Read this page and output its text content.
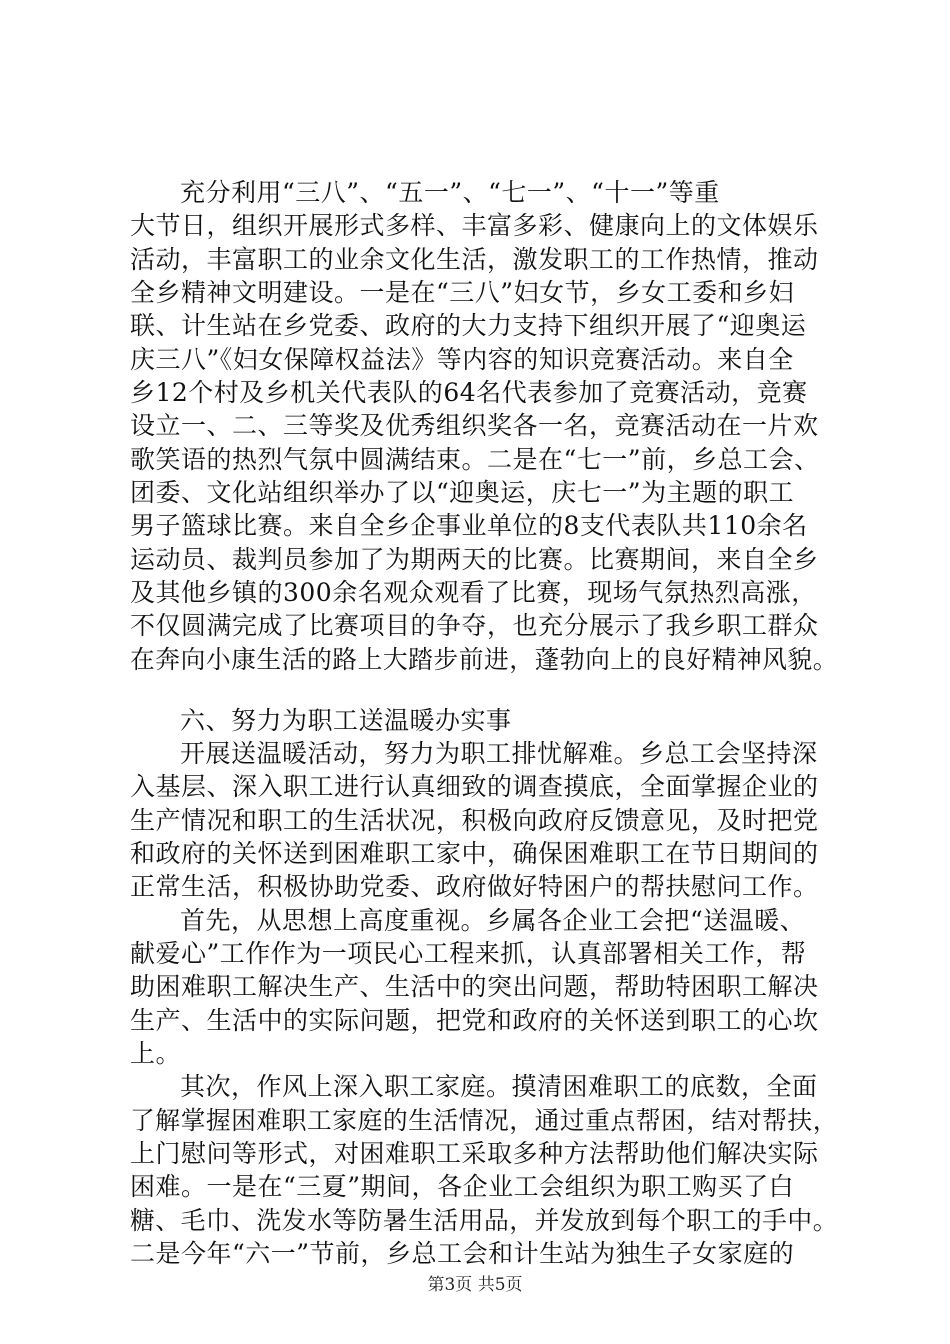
充分利用“三八”、“五一”、“七一”、“十一”等重
大节日，组织开展形式多样、丰富多彩、健康向上的文体娱乐
活动，丰富职工的业余文化生活，激发职工的工作热情，推动
全乡精神文明建设。一是在“三八”妇女节，乡女工委和乡妇
联、计生站在乡党委、政府的大力支持下组织开展了“迎奥运
庆三八”《妇女保障权益法》等内容的知识竞赛活动。来自全
乡12个村及乡机关代表队的64名代表参加了竞赛活动，竞赛
设立一、二、三等奖及优秀组织奖各一名，竞赛活动在一片欢
歌笑语的热烈气氛中圆满结束。二是在“七一”前，乡总工会、
团委、文化站组织举办了以“迎奥运，庆七一”为主题的职工
男子篮球比赛。来自全乡企事业单位的8支代表队共110余名
运动员、裁判员参加了为期两天的比赛。比赛期间，来自全乡
及其他乡镇的300余名观众观看了比赛，现场气氛热烈高涨，
不仅圆满完成了比赛项目的争夺，也充分展示了我乡职工群众
在奔向小康生活的路上大踏步前进，蓬勃向上的良好精神风貌。
六、努力为职工送温暖办实事
开展送温暖活动，努力为职工排忧解难。乡总工会坚持深
入基层、深入职工进行认真细致的调查摸底，全面掌握企业的
生产情况和职工的生活状况，积极向政府反馈意见，及时把党
和政府的关怀送到困难职工家中，确保困难职工在节日期间的
正常生活，积极协助党委、政府做好特困户的帮扶慰问工作。
首先，从思想上高度重视。乡属各企业工会把“送温暖、
献爱心”工作作为一项民心工程来抓，认真部署相关工作，帮
助困难职工解决生产、生活中的突出问题，帮助特困职工解决
生产、生活中的实际问题，把党和政府的关怀送到职工的心坎
上。
其次，作风上深入职工家庭。摸清困难职工的底数，全面
了解掌握困难职工家庭的生活情况，通过重点帮困，结对帮扶，
上门慰问等形式，对困难职工采取多种方法帮助他们解决实际
困难。一是在“三夏”期间，各企业工会组织为职工购买了白
糖、毛巾、洗发水等防暑生活用品，并发放到每个职工的手中。
二是今年“六一”节前，乡总工会和计生站为独生子女家庭的
第3页 共5页
